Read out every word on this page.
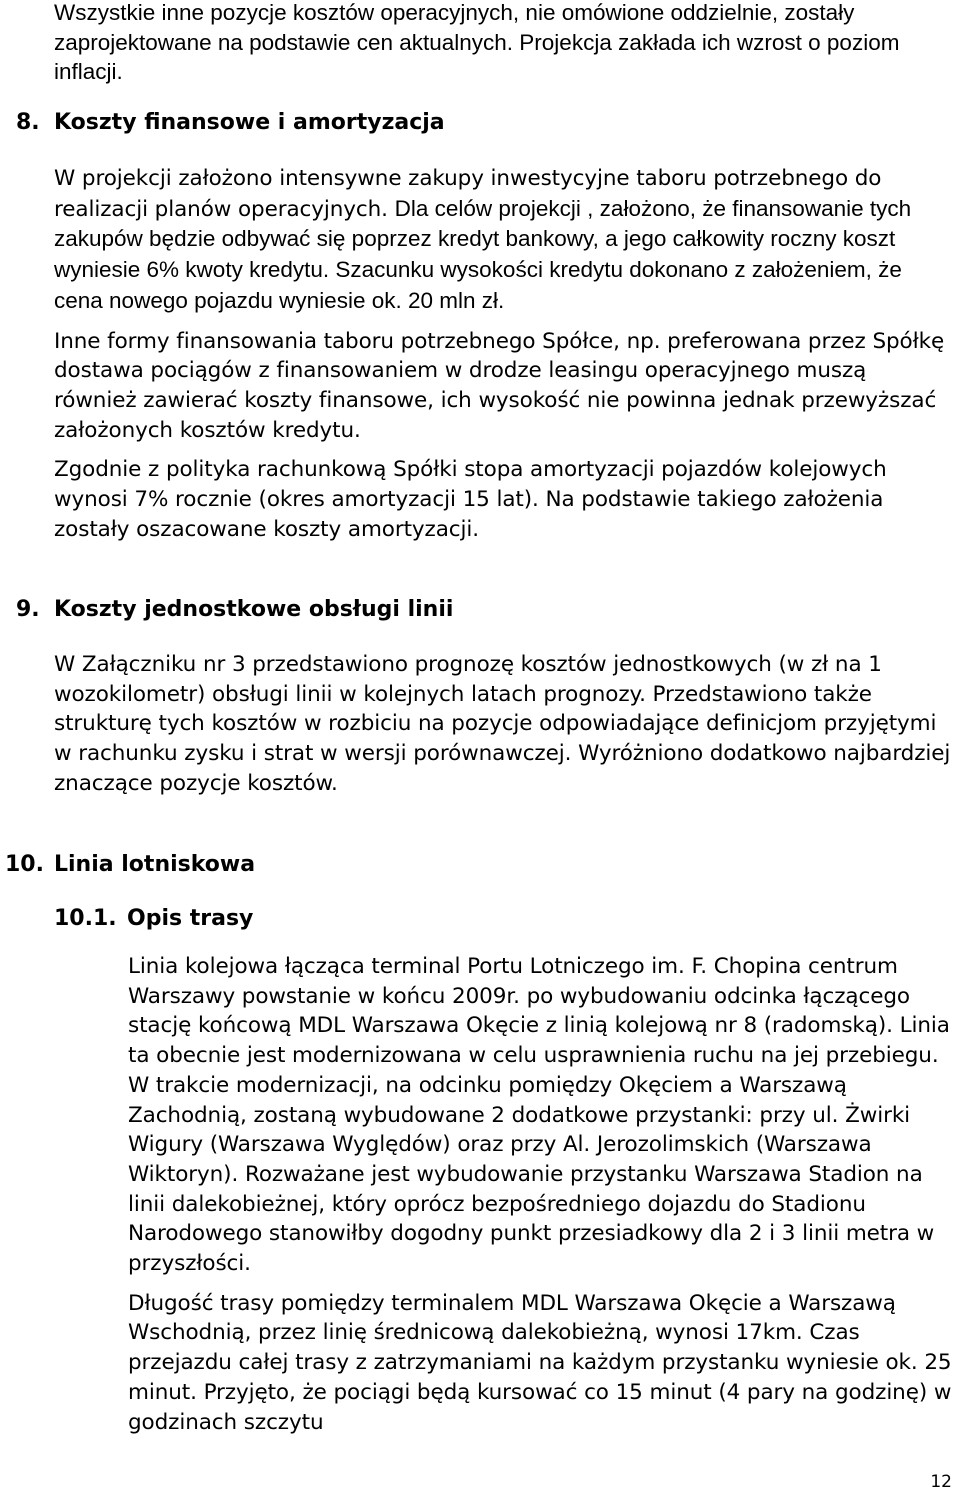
Wszystkie inne pozycje kosztów operacyjnych, nie omówione oddzielnie, zostały zaprojektowane na podstawie cen aktualnych. Projekcja zakłada ich wzrost o poziom inflacji.

8. Koszty finansowe i amortyzacja

W projekcji założono intensywne zakupy inwestycyjne taboru potrzebnego do realizacji planów operacyjnych. Dla celów projekcji , założono, że finansowanie tych zakupów będzie odbywać się poprzez kredyt bankowy, a jego całkowity roczny koszt wyniesie 6% kwoty kredytu. Szacunku wysokości kredytu dokonano z założeniem, że cena nowego pojazdu wyniesie ok. 20 mln zł.

Inne formy finansowania taboru potrzebnego Spółce, np. preferowana przez Spółkę dostawa pociągów z finansowaniem w drodze leasingu operacyjnego muszą również zawierać koszty finansowe, ich wysokość nie powinna jednak przewyższać założonych kosztów kredytu.

Zgodnie z polityka rachunkową Spółki stopa amortyzacji pojazdów kolejowych wynosi 7% rocznie (okres amortyzacji 15 lat). Na podstawie takiego założenia zostały oszacowane koszty amortyzacji.

9. Koszty jednostkowe obsługi linii

W Załączniku nr 3 przedstawiono prognozę kosztów jednostkowych (w zł na 1 wozokilometr) obsługi linii w kolejnych latach prognozy. Przedstawiono także strukturę tych kosztów w rozbiciu na pozycje odpowiadające definicjom przyjętymi w rachunku zysku i strat w wersji porównawczej. Wyróżniono dodatkowo najbardziej znaczące pozycje kosztów.

10. Linia lotniskowa
10.1. Opis trasy

Linia kolejowa łącząca terminal Portu Lotniczego im. F. Chopina centrum Warszawy powstanie w końcu 2009r. po wybudowaniu odcinka łączącego stację końcową MDL Warszawa Okęcie z linią kolejową nr 8 (radomską). Linia ta obecnie jest modernizowana w celu usprawnienia ruchu na jej przebiegu. W trakcie modernizacji, na odcinku pomiędzy Okęciem a Warszawą Zachodnią, zostaną wybudowane 2 dodatkowe przystanki: przy ul. Żwirki Wigury (Warszawa Wyględów) oraz przy Al. Jerozolimskich (Warszawa Wiktoryn). Rozważane jest wybudowanie przystanku Warszawa Stadion na linii dalekobieżnej, który oprócz bezpośredniego dojazdu do Stadionu Narodowego stanowiłby dogodny punkt przesiadkowy dla 2 i 3 linii metra w przyszłości.

Długość trasy pomiędzy terminalem MDL Warszawa Okęcie a Warszawą Wschodnią, przez linię średnicową dalekobieżną, wynosi 17km. Czas przejazdu całej trasy z zatrzymaniami na każdym przystanku wyniesie ok. 25 minut. Przyjęto, że pociągi będą kursować co 15 minut (4 pary na godzinę) w godzinach szczytu

12
